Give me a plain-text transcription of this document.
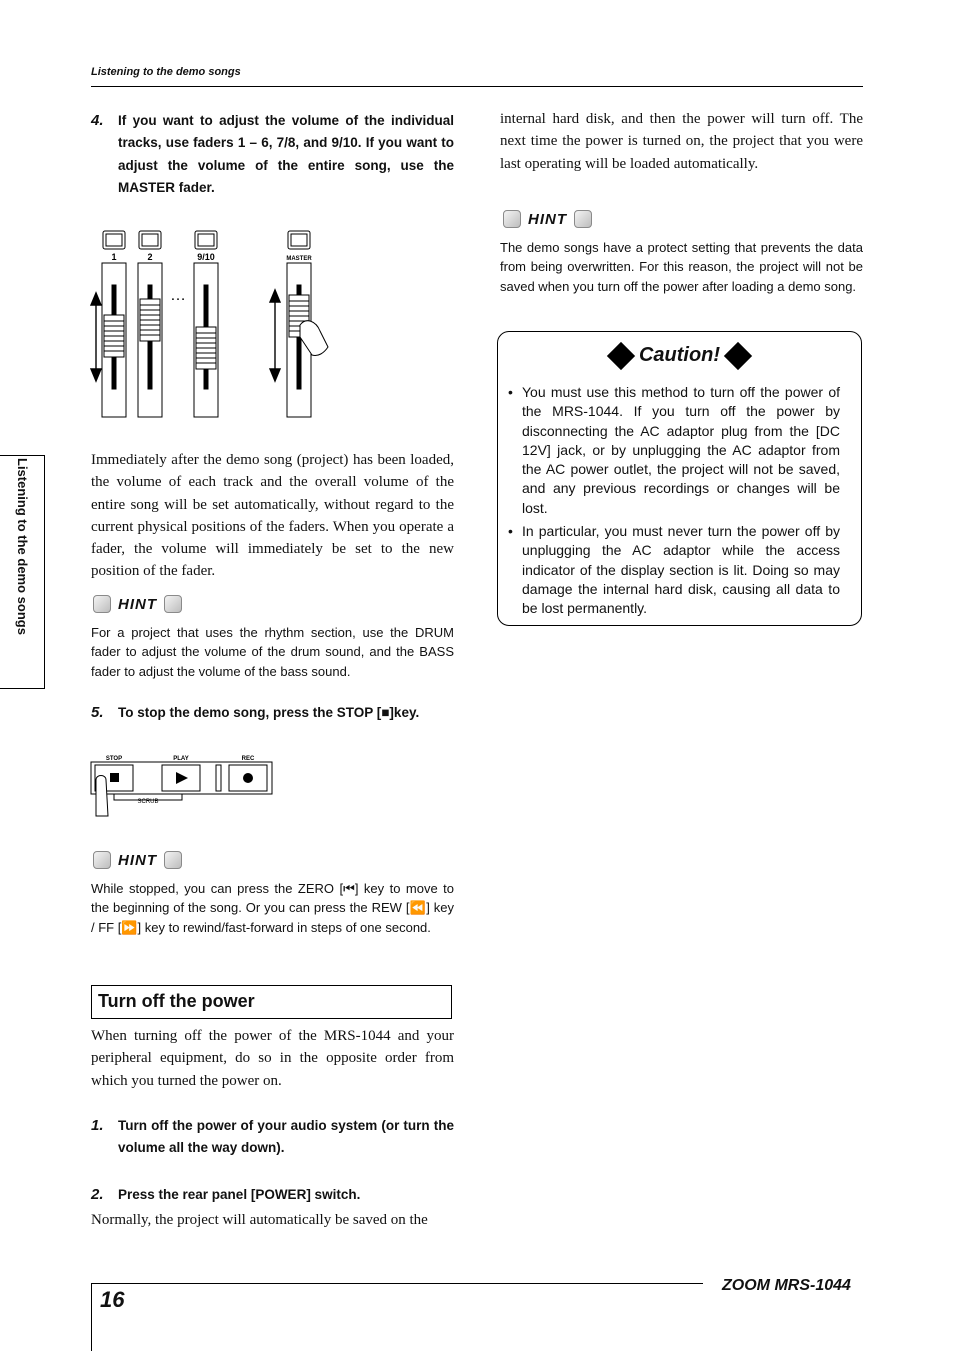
Listening to the demo songs
Listening to the demo songs
4. If you want to adjust the volume of the individual tracks, use faders 1 – 6, 7/8, and 9/10. If you want to adjust the volume of the entire song, use the MASTER fader.
1	2	9/10	MASTER
…
Immediately after the demo song (project) has been loaded, the volume of each track and the overall volume of the entire song will be set automatically, without regard to the current physical positions of the faders. When you operate a fader, the volume will immediately be set to the new position of the fader.
HINT
For a project that uses the rhythm section, use the DRUM fader to adjust the volume of the drum sound, and the BASS fader to adjust the volume of the bass sound.
5. To stop the demo song, press the STOP [■]key.
STOP	PLAY	REC
SCRUB
HINT
While stopped, you can press the ZERO [⏮] key to move to the beginning of the song. Or you can press the REW [⏪] key / FF [⏩] key to rewind/fast-forward in steps of one second.
Turn off the power
When turning off the power of the MRS-1044 and your peripheral equipment, do so in the opposite order from which you turned the power on.
1. Turn off the power of your audio system (or turn the volume all the way down).
2. Press the rear panel [POWER] switch.
Normally, the project will automatically be saved on the
internal hard disk, and then the power will turn off. The next time the power is turned on, the project that you were last operating will be loaded automatically.
HINT
The demo songs have a protect setting that prevents the data from being overwritten. For this reason, the project will not be saved when you turn off the power after loading a demo song.
Caution!
• You must use this method to turn off the power of the MRS-1044. If you turn off the power by disconnecting the AC adaptor plug from the [DC 12V] jack, or by unplugging the AC adaptor from the AC power outlet, the project will not be saved, and any previous recordings or changes will be lost.
• In particular, you must never turn the power off by unplugging the AC adaptor while the access indicator of the display section is lit. Doing so may damage the internal hard disk, causing all data to be lost permanently.
16
ZOOM MRS-1044
